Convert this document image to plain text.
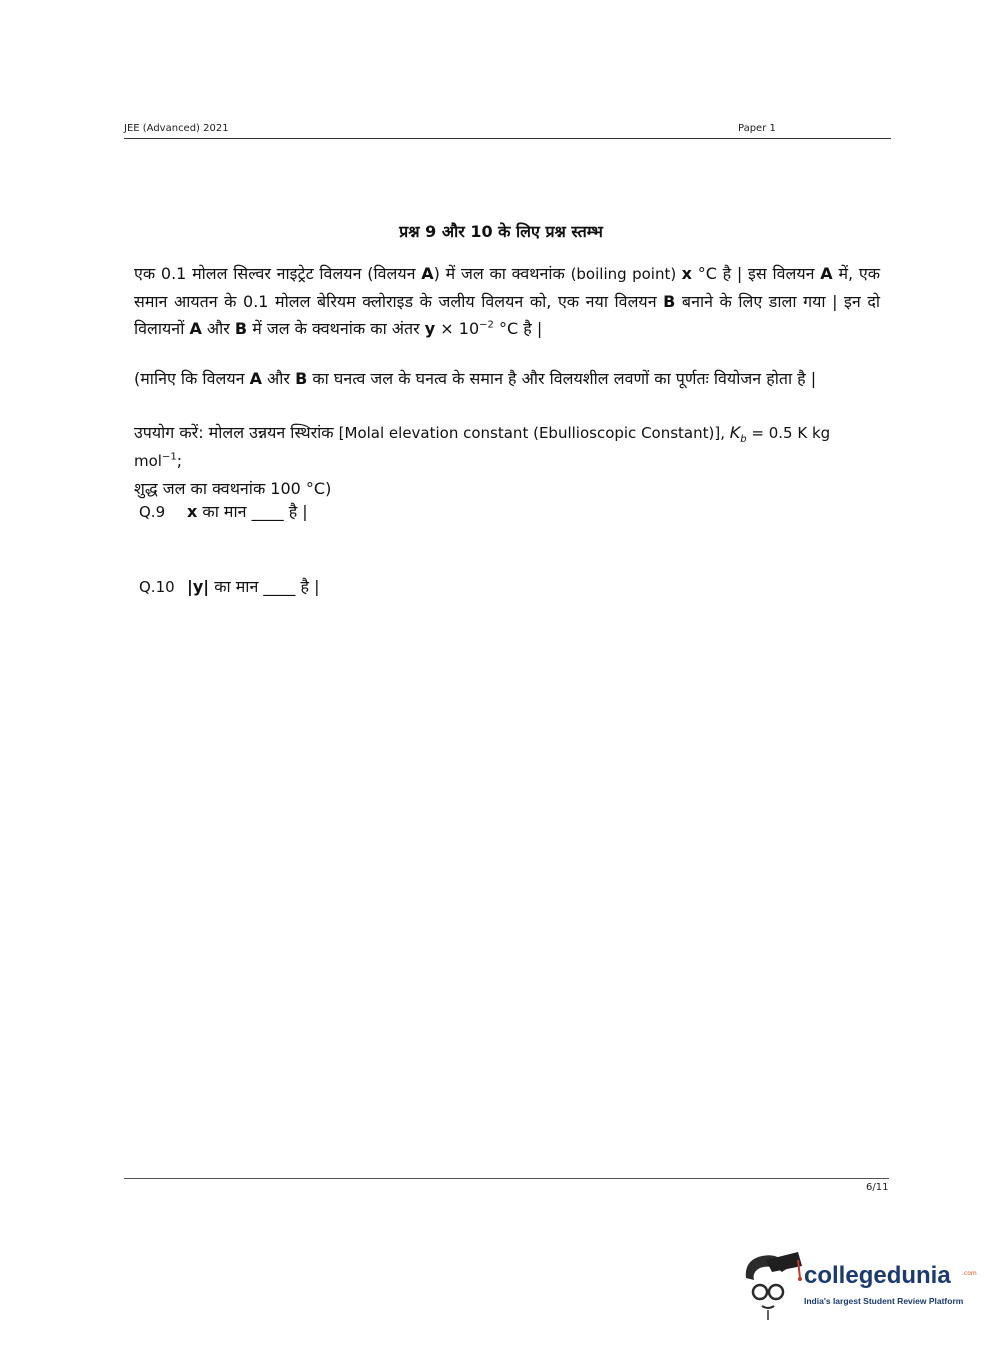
JEE (Advanced) 2021	Paper 1
प्रश्न 9 और 10 के लिए प्रश्न स्तम्भ
एक 0.1 मोलल सिल्वर नाइट्रेट विलयन (विलयन A) में जल का क्वथनांक (boiling point) x °C है | इस विलयन A में, एक समान आयतन के 0.1 मोलल बेरियम क्लोराइड के जलीय विलयन को, एक नया विलयन B बनाने के लिए डाला गया | इन दो विलायनों A और B में जल के क्वथनांक का अंतर $y \times 10^{-2}$ °C है |
(मानिए कि विलयन A और B का घनत्व जल के घनत्व के समान है और विलयशील लवणों का पूर्णतः वियोजन होता है |
उपयोग करें: मोलल उन्नयन स्थिरांक [Molal elevation constant (Ebullioscopic Constant)], $K_b = 0.5$ K kg mol$^{-1}$;
शुद्ध जल का क्वथनांक 100 °C)
Q.9 x का मान ____ है |
Q.10 |y| का मान ____ है |
6/11
collegedunia .com
India's largest Student Review Platform
